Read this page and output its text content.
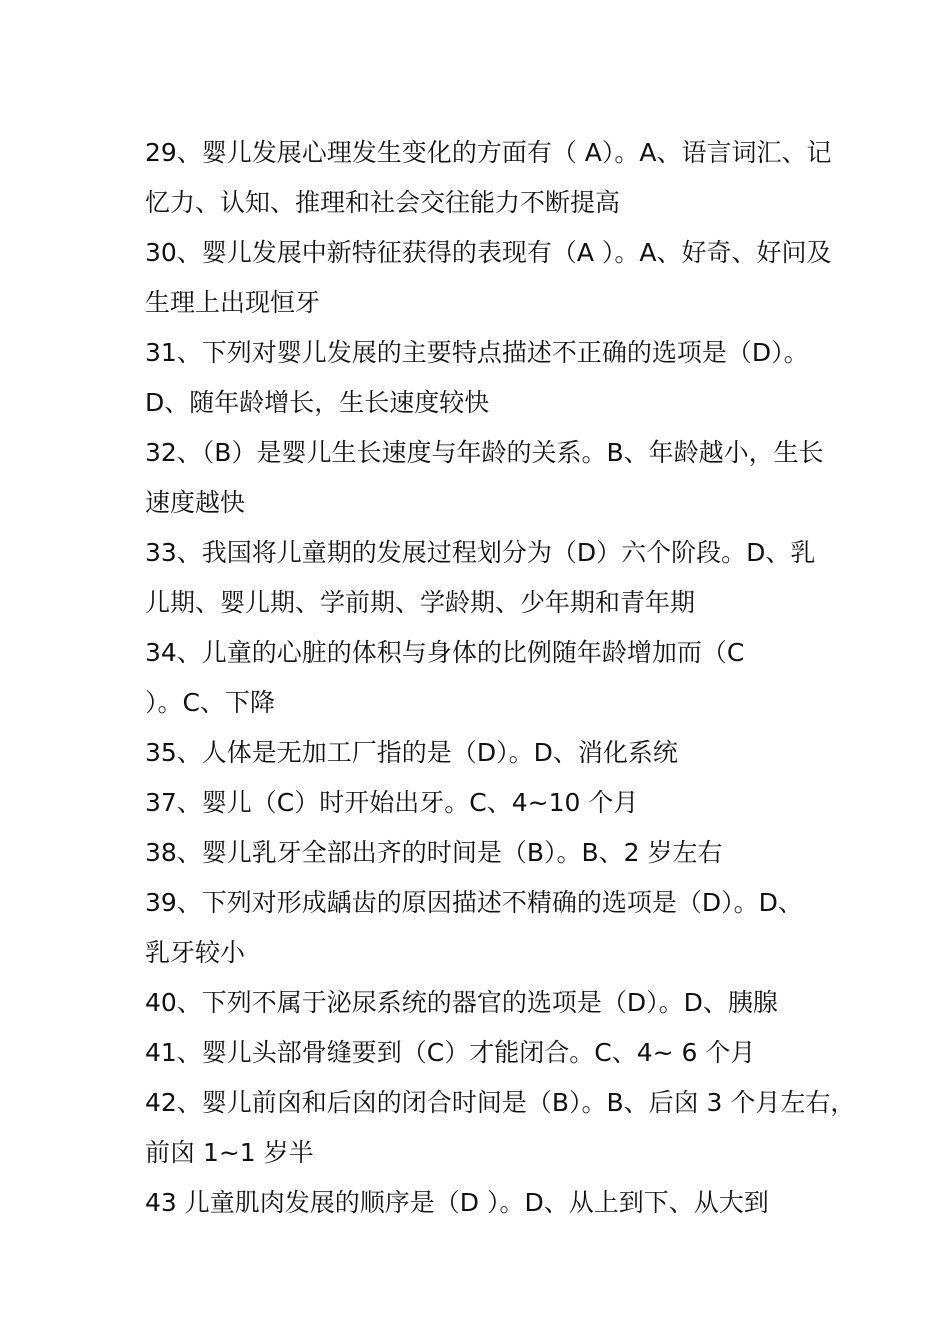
29、婴儿发展心理发生变化的方面有（ A）。A、语言词汇、记
忆力、认知、推理和社会交往能力不断提高
30、婴儿发展中新特征获得的表现有（A ）。A、好奇、好问及
生理上出现恒牙
31、下列对婴儿发展的主要特点描述不正确的选项是（D）。
D、随年龄增长，生长速度较快
32、（B）是婴儿生长速度与年龄的关系。B、年龄越小，生长
速度越快
33、我国将儿童期的发展过程划分为（D）六个阶段。D、乳
儿期、婴儿期、学前期、学龄期、少年期和青年期
34、儿童的心脏的体积与身体的比例随年龄增加而（C
）。C、下降
35、人体是无加工厂指的是（D）。D、消化系统
37、婴儿（C）时开始出牙。C、4~10 个月
38、婴儿乳牙全部出齐的时间是（B）。B、2 岁左右
39、下列对形成龋齿的原因描述不精确的选项是（D）。D、
乳牙较小
40、下列不属于泌尿系统的器官的选项是（D）。D、胰腺
41、婴儿头部骨缝要到（C）才能闭合。C、4~ 6 个月
42、婴儿前囟和后囟的闭合时间是（B）。B、后囟 3 个月左右，
前囟 1~1 岁半
43 儿童肌肉发展的顺序是（D ）。D、从上到下、从大到
